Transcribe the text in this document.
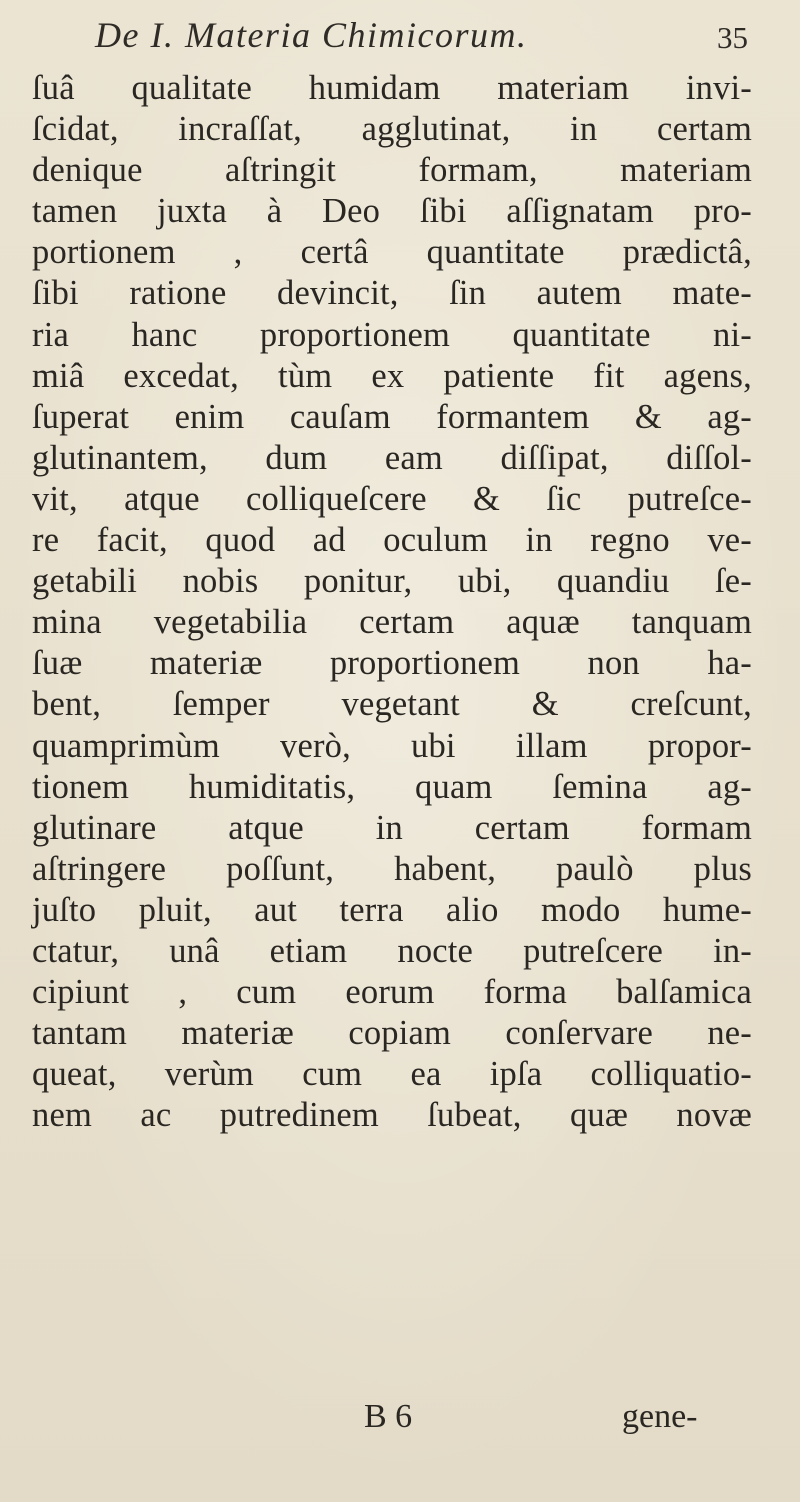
De I. Materia Chimicorum.	35
ſuâ qualitate humidam materiam invi-
ſcidat, incraſſat, agglutinat, in certam
denique aſtringit formam, materiam
tamen juxta à Deo ſibi aſſignatam pro-
portionem , certâ quantitate prædictâ,
ſibi ratione devincit, ſin autem mate-
ria hanc proportionem quantitate ni-
miâ excedat, tùm ex patiente fit agens,
ſuperat enim cauſam formantem & ag-
glutinantem, dum eam diſſipat, diſſol-
vit, atque colliqueſcere & ſic putreſce-
re facit, quod ad oculum in regno ve-
getabili nobis ponitur, ubi, quandiu ſe-
mina vegetabilia certam aquæ tanquam
ſuæ materiæ proportionem non ha-
bent, ſemper vegetant & creſcunt,
quamprimùm verò, ubi illam propor-
tionem humiditatis, quam ſemina ag-
glutinare atque in certam formam
aſtringere poſſunt, habent, paulò plus
juſto pluit, aut terra alio modo hume-
ctatur, unâ etiam nocte putreſcere in-
cipiunt , cum eorum forma balſamica
tantam materiæ copiam conſervare ne-
queat, verùm cum ea ipſa colliquatio-
nem ac putredinem ſubeat, quæ novæ
B 6	gene-
